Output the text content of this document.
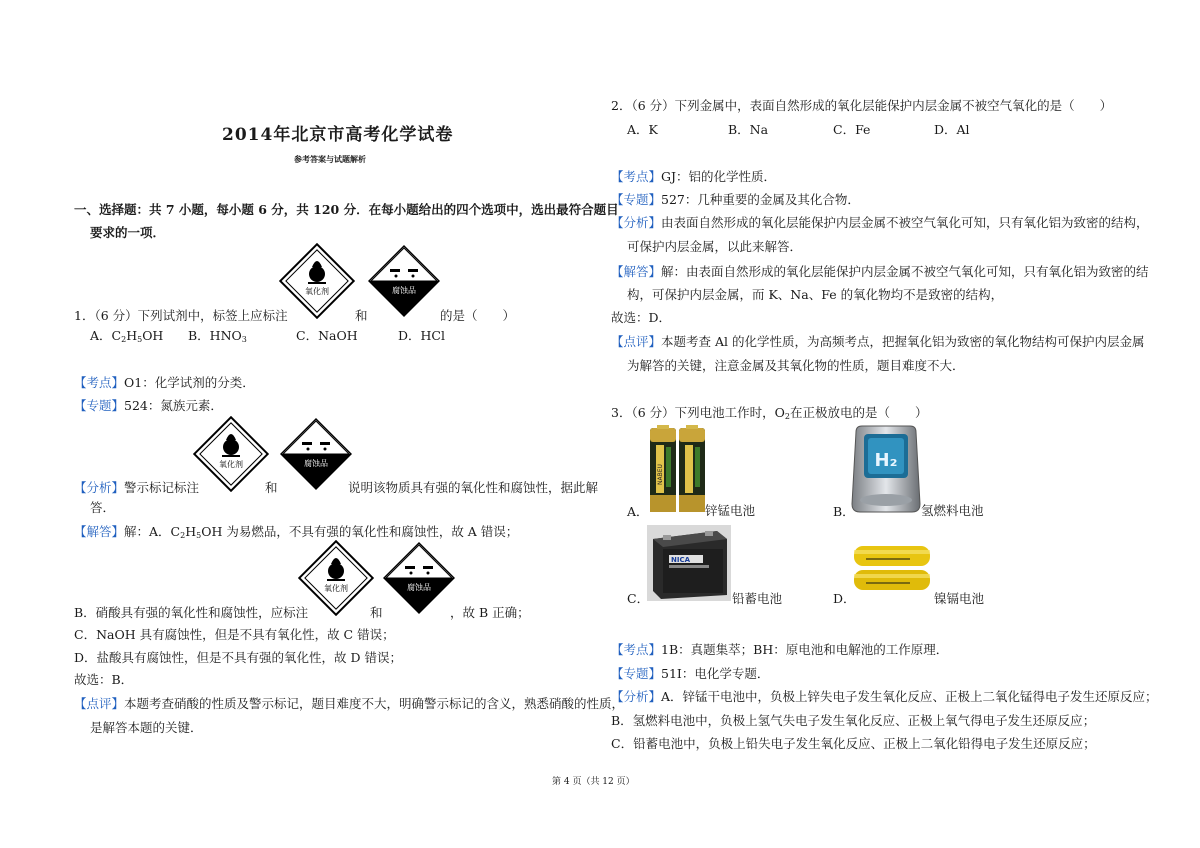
2014年北京市高考化学试卷
参考答案与试题解析
一、选择题：共 7 小题，每小题 6 分，共 120 分．在每小题给出的四个选项中，选出最符合题目
要求的一项．
氧化剂	腐蚀品
1．（6 分）下列试剂中，标签上应标注	和	的是（　　）
A．$C_2H_5OH$ B．$HNO_3$	C．NaOH	D．HCl
【考点】O1：化学试剂的分类．
【专题】524：氮族元素．
氧化剂	腐蚀品
【分析】警示标记标注	和	说明该物质具有强的氧化性和腐蚀性，据此解
答．
【解答】解：A．$C_2H_5OH$ 为易燃品，不具有强的氧化性和腐蚀性，故 A 错误；
氧化剂	腐蚀品
B．硝酸具有强的氧化性和腐蚀性，应标注	和	，故 B 正确；
C．NaOH 具有腐蚀性，但是不具有氧化性，故 C 错误；
D．盐酸具有腐蚀性，但是不具有强的氧化性，故 D 错误；
故选：B．
【点评】本题考查硝酸的性质及警示标记，题目难度不大，明确警示标记的含义，熟悉硝酸的性质，
是解答本题的关键．
2．（6 分）下列金属中，表面自然形成的氧化层能保护内层金属不被空气氧化的是（　　）
A．K	B．Na	C．Fe	D．Al
【考点】GJ：铝的化学性质．
【专题】527：几种重要的金属及其化合物．
【分析】由表面自然形成的氧化层能保护内层金属不被空气氧化可知，只有氧化铝为致密的结构，
可保护内层金属，以此来解答．
【解答】解：由表面自然形成的氧化层能保护内层金属不被空气氧化可知，只有氧化铝为致密的结
构，可保护内层金属，而 K、Na、Fe 的氧化物均不是致密的结构，
故选：D．
【点评】本题考查 Al 的化学性质，为高频考点，把握氧化铝为致密的氧化物结构可保护内层金属
为解答的关键，注意金属及其氧化物的性质，题目难度不大．
3．（6 分）下列电池工作时，$O_2$在正极放电的是（　　）
NABEU
A．	锌锰电池
H₂
B．	氢燃料电池
NICA
C．	铅蓄电池	D．	镍镉电池
【考点】1B：真题集萃；BH：原电池和电解池的工作原理．
【专题】51I：电化学专题．
【分析】A．锌锰干电池中，负极上锌失电子发生氧化反应、正极上二氧化锰得电子发生还原反应；
B．氢燃料电池中，负极上氢气失电子发生氧化反应、正极上氧气得电子发生还原反应；
C．铅蓄电池中，负极上铅失电子发生氧化反应、正极上二氧化铅得电子发生还原反应；
第 4 页（共 12 页）
